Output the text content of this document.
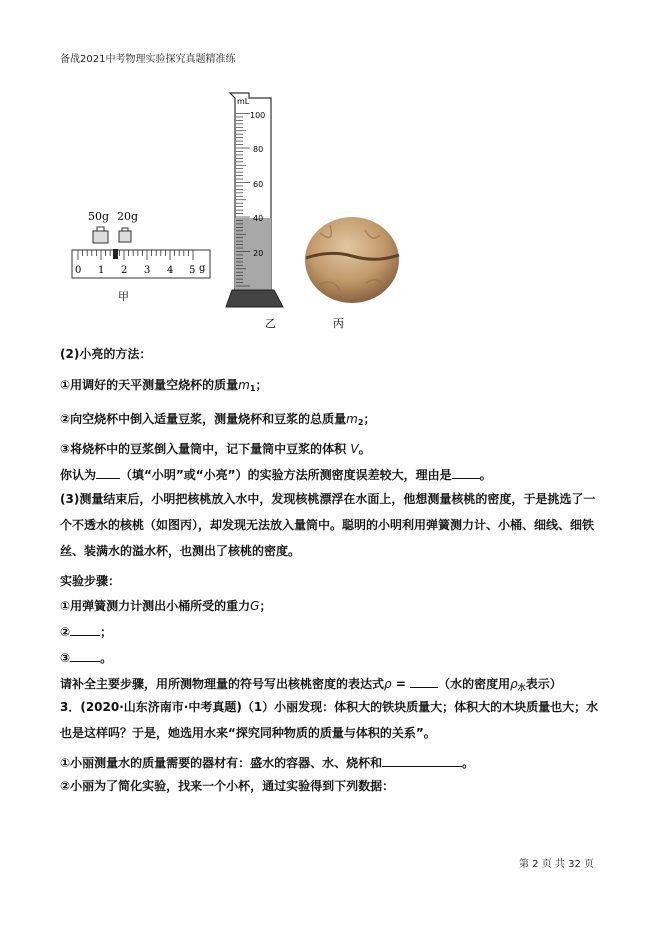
备战2021中考物理实验探究真题精准练
50g 20g
0 1 2 3 4 5 g
甲
mL
100
80
60
40
20
乙	丙
(2)小亮的方法：
①用调好的天平测量空烧杯的质量$m_1$；
②向空烧杯中倒入适量豆浆，测量烧杯和豆浆的总质量$m_2$；
③将烧杯中的豆浆倒入量筒中，记下量筒中豆浆的体积 V。
你认为 （填“小明”或“小亮”）的实验方法所测密度误差较大，理由是 。
(3)测量结束后，小明把核桃放入水中，发现核桃漂浮在水面上，他想测量核桃的密度，于是挑选了一个不透水的核桃（如图丙），却发现无法放入量筒中。聪明的小明利用弹簧测力计、小桶、细线、细铁丝、装满水的溢水杯，也测出了核桃的密度。
实验步骤：
①用弹簧测力计测出小桶所受的重力G；
②	；
③	。
请补全主要步骤，用所测物理量的符号写出核桃密度的表达式ρ = （水的密度用$\rho_水$表示）
3．(2020·山东济南市·中考真题)（1）小丽发现：体积大的铁块质量大；体积大的木块质量也大；水也是这样吗？于是，她选用水来“探究同种物质的质量与体积的关系”。
①小丽测量水的质量需要的器材有：盛水的容器、水、烧杯和	。
②小丽为了简化实验，找来一个小杯，通过实验得到下列数据：
第 2 页 共 32 页
